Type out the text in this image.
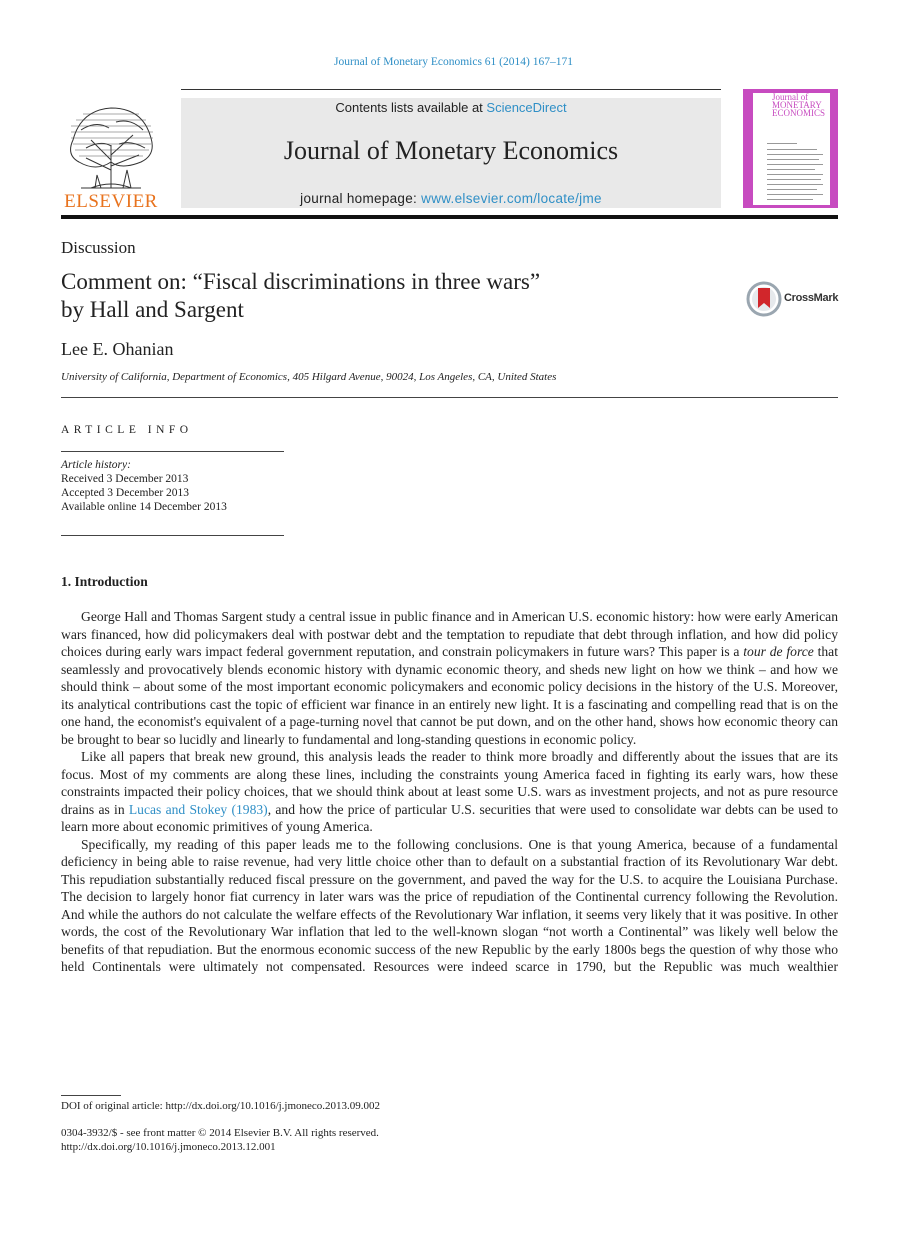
Journal of Monetary Economics 61 (2014) 167–171
ELSEVIER
Contents lists available at ScienceDirect
Journal of Monetary Economics
journal homepage: www.elsevier.com/locate/jme
Journal of MONETARY ECONOMICS
Discussion
Comment on: “Fiscal discriminations in three wars”
by Hall and Sargent	CrossMark
Lee E. Ohanian
University of California, Department of Economics, 405 Hilgard Avenue, 90024, Los Angeles, CA, United States
ARTICLE INFO
Article history:
Received 3 December 2013
Accepted 3 December 2013
Available online 14 December 2013
1. Introduction

George Hall and Thomas Sargent study a central issue in public finance and in American U.S. economic history: how were early American wars financed, how did policymakers deal with postwar debt and the temptation to repudiate that debt through inflation, and how did policy choices during early wars impact federal government reputation, and constrain policymakers in future wars? This paper is a tour de force that seamlessly and provocatively blends economic history with dynamic economic theory, and sheds new light on how we think – and how we should think – about some of the most important economic policymakers and economic policy decisions in the history of the U.S. Moreover, its analytical contributions cast the topic of efficient war finance in an entirely new light. It is a fascinating and compelling read that is on the one hand, the economist's equivalent of a page-turning novel that cannot be put down, and on the other hand, shows how economic theory can be brought to bear so lucidly and linearly to fundamental and long-standing questions in economic policy.

Like all papers that break new ground, this analysis leads the reader to think more broadly and differently about the issues that are its focus. Most of my comments are along these lines, including the constraints young America faced in fighting its early wars, how these constraints impacted their policy choices, that we should think about at least some U.S. wars as investment projects, and not as pure resource drains as in Lucas and Stokey (1983), and how the price of particular U.S. securities that were used to consolidate war debts can be used to learn more about economic primitives of young America.

Specifically, my reading of this paper leads me to the following conclusions. One is that young America, because of a fundamental deficiency in being able to raise revenue, had very little choice other than to default on a substantial fraction of its Revolutionary War debt. This repudiation substantially reduced fiscal pressure on the government, and paved the way for the U.S. to acquire the Louisiana Purchase. The decision to largely honor fiat currency in later wars was the price of repudiation of the Continental currency following the Revolution. And while the authors do not calculate the welfare effects of the Revolutionary War inflation, it seems very likely that it was positive. In other words, the cost of the Revolutionary War inflation that led to the well-known slogan “not worth a Continental” was likely well below the benefits of that repudiation. But the enormous economic success of the new Republic by the early 1800s begs the question of why those who held Continentals were ultimately not compensated. Resources were indeed scarce in 1790, but the Republic was much wealthier

DOI of original article: http://dx.doi.org/10.1016/j.jmoneco.2013.09.002
0304-3932/$ - see front matter © 2014 Elsevier B.V. All rights reserved.
http://dx.doi.org/10.1016/j.jmoneco.2013.12.001
